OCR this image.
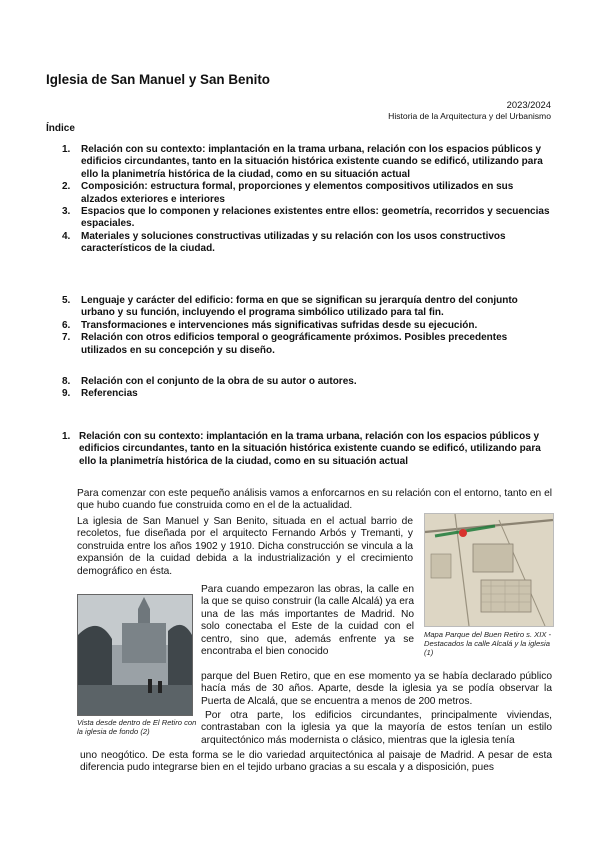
Iglesia de San Manuel y San Benito
2023/2024
Historia de la Arquitectura y del Urbanismo
Índice
1.	Relación con su contexto: implantación en la trama urbana, relación con los espacios públicos y edificios circundantes, tanto en la situación histórica existente cuando se edificó, utilizando para ello la planimetría histórica de la ciudad, como en su situación actual
2.	Composición: estructura formal, proporciones y elementos compositivos utilizados en sus alzados exteriores e interiores
3.	Espacios que lo componen y relaciones existentes entre ellos: geometría, recorridos y secuencias espaciales.
4.	Materiales y soluciones constructivas utilizadas y su relación con los usos constructivos característicos de la ciudad.
5.	Lenguaje y carácter del edificio: forma en que se significan su jerarquía dentro del conjunto urbano y su función, incluyendo el programa simbólico utilizado para tal fin.
6.	Transformaciones e intervenciones más significativas sufridas desde su ejecución.
7.	Relación con otros edificios temporal o geográficamente próximos. Posibles precedentes utilizados en su concepción y su diseño.
8.	Relación con el conjunto de la obra de su autor o autores.
9.	Referencias
1. Relación con su contexto: implantación en la trama urbana, relación con los espacios públicos y edificios circundantes, tanto en la situación histórica existente cuando se edificó, utilizando para ello la planimetría histórica de la ciudad, como en su situación actual
Para comenzar con este pequeño análisis vamos a enforcarnos en su relación con el entorno, tanto en el que hubo cuando fue construida como en el de la actualidad.
La iglesia de San Manuel y San Benito, situada en el actual barrio de recoletos, fue diseñada por el arquitecto Fernando Arbós y Tremanti, y construida entre los años 1902 y 1910. Dicha construcción se vincula a la expansión de la cuidad debida a la industrialización y el crecimiento demográfico en ésta.
Mapa Parque del Buen Retiro s. XIX - Destacados la calle Alcalá y la iglesia (1)
Vista desde dentro de El Retiro con la iglesia de fondo (2)
Para cuando empezaron las obras, la calle en la que se quiso construir (la calle Alcalá) ya era una de las más importantes de Madrid. No solo conectaba el Este de la cuidad con el centro, sino que, además enfrente ya se encontraba el bien conocido
parque del Buen Retiro, que en ese momento ya se había declarado público hacía más de 30 años. Aparte, desde la iglesia ya se podía observar la Puerta de Alcalá, que se encuentra a menos de 200 metros.
Por otra parte, los edificios circundantes, principalmente viviendas, contrastaban con la iglesia ya que la mayoría de estos tenían un estilo arquitectónico más modernista o clásico, mientras que la iglesia tenía
uno neogótico. De esta forma se le dio variedad arquitectónica al paisaje de Madrid. A pesar de esta diferencia pudo integrarse bien en el tejido urbano gracias a su escala y a disposición, pues
